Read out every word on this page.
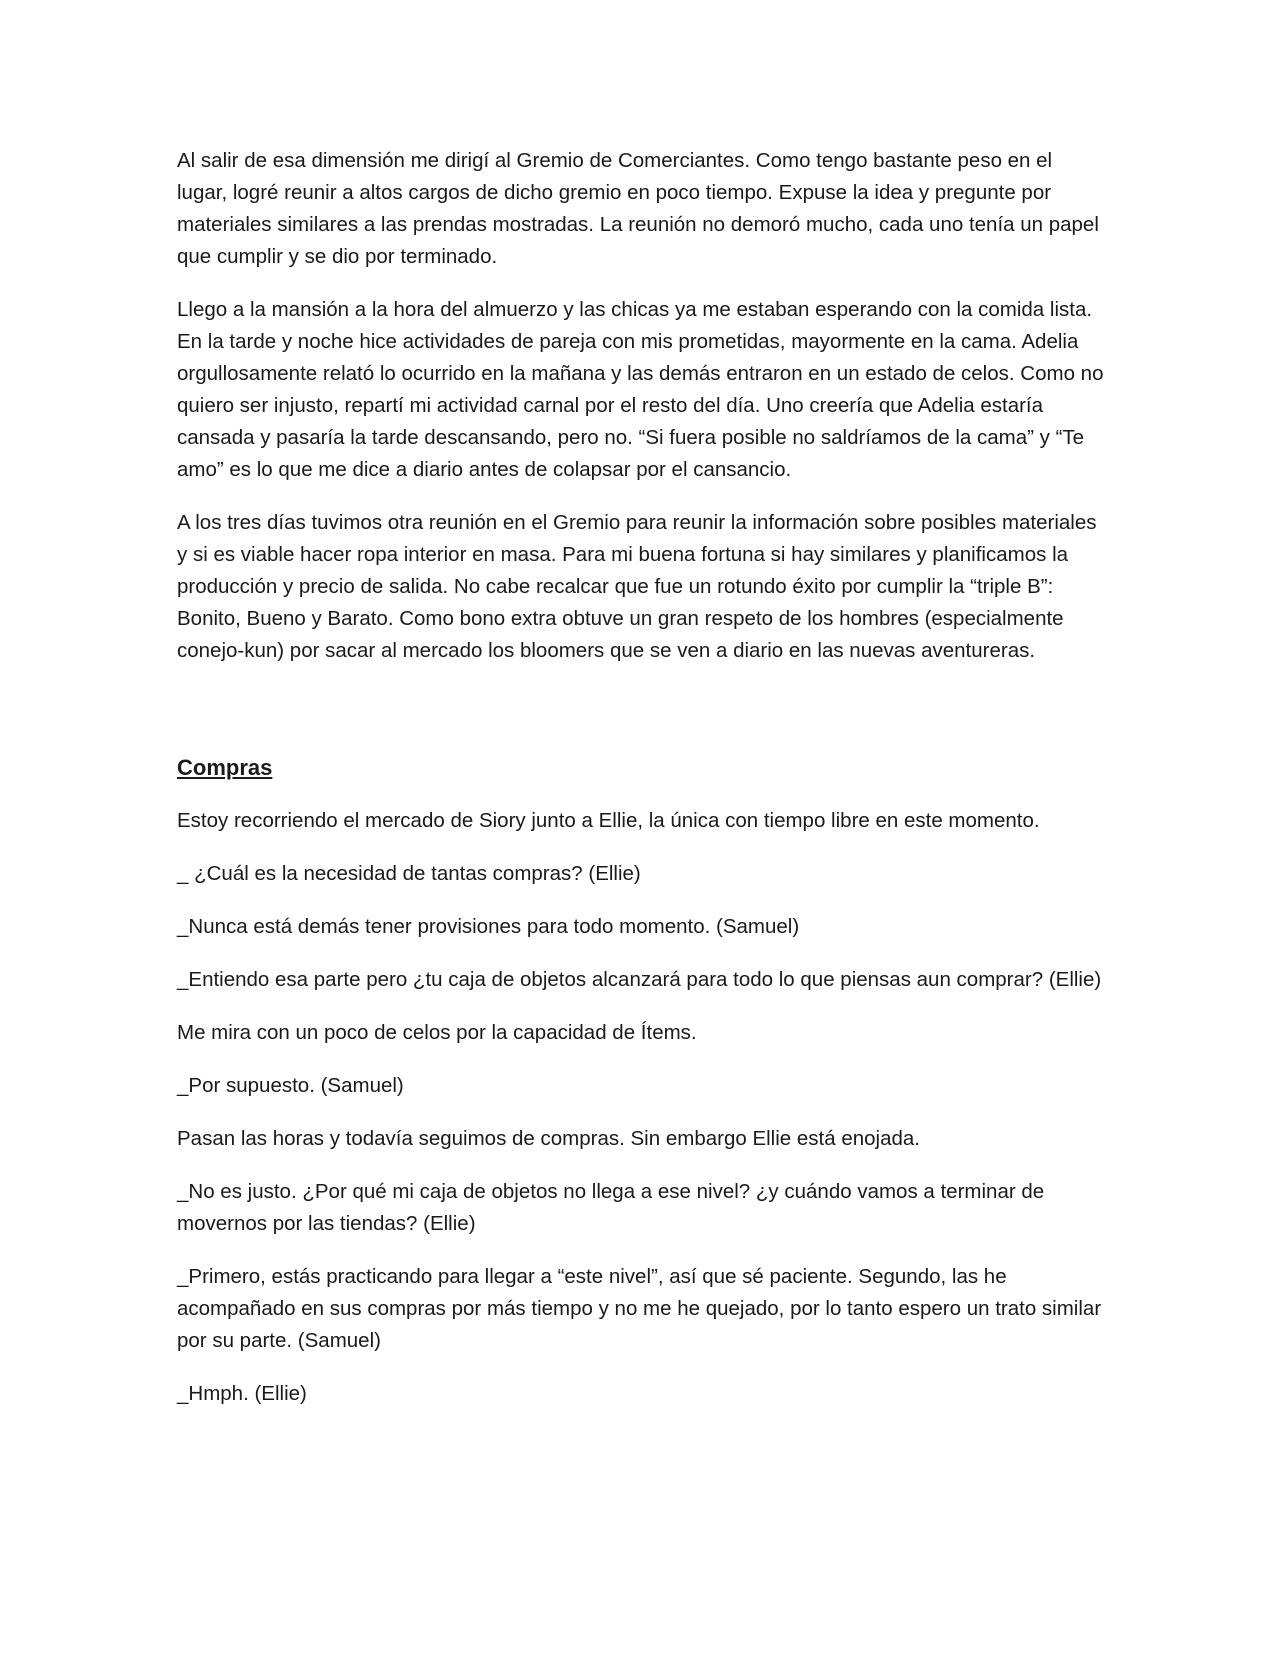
Al salir de esa dimensión me dirigí al Gremio de Comerciantes. Como tengo bastante peso en el lugar, logré reunir a altos cargos de dicho gremio en poco tiempo. Expuse la idea y pregunte por materiales similares a las prendas mostradas. La reunión no demoró mucho, cada uno tenía un papel que cumplir y se dio por terminado.

Llego a la mansión a la hora del almuerzo y las chicas ya me estaban esperando con la comida lista. En la tarde y noche hice actividades de pareja con mis prometidas, mayormente en la cama. Adelia orgullosamente relató lo ocurrido en la mañana y las demás entraron en un estado de celos. Como no quiero ser injusto, repartí mi actividad carnal por el resto del día. Uno creería que Adelia estaría cansada y pasaría la tarde descansando, pero no. “Si fuera posible no saldríamos de la cama” y “Te amo” es lo que me dice a diario antes de colapsar por el cansancio.

A los tres días tuvimos otra reunión en el Gremio para reunir la información sobre posibles materiales y si es viable hacer ropa interior en masa. Para mi buena fortuna si hay similares y planificamos la producción y precio de salida. No cabe recalcar que fue un rotundo éxito por cumplir la “triple B”: Bonito, Bueno y Barato. Como bono extra obtuve un gran respeto de los hombres (especialmente conejo-kun) por sacar al mercado los bloomers que se ven a diario en las nuevas aventureras.

Compras

Estoy recorriendo el mercado de Siory junto a Ellie, la única con tiempo libre en este momento.

_ ¿Cuál es la necesidad de tantas compras? (Ellie)

_Nunca está demás tener provisiones para todo momento. (Samuel)

_Entiendo esa parte pero ¿tu caja de objetos alcanzará para todo lo que piensas aun comprar? (Ellie)

Me mira con un poco de celos por la capacidad de Ítems.

_Por supuesto. (Samuel)

Pasan las horas y todavía seguimos de compras. Sin embargo Ellie está enojada.

_No es justo. ¿Por qué mi caja de objetos no llega a ese nivel? ¿y cuándo vamos a terminar de movernos por las tiendas? (Ellie)

_Primero, estás practicando para llegar a “este nivel”, así que sé paciente. Segundo, las he acompañado en sus compras por más tiempo y no me he quejado, por lo tanto espero un trato similar por su parte. (Samuel)

_Hmph. (Ellie)
